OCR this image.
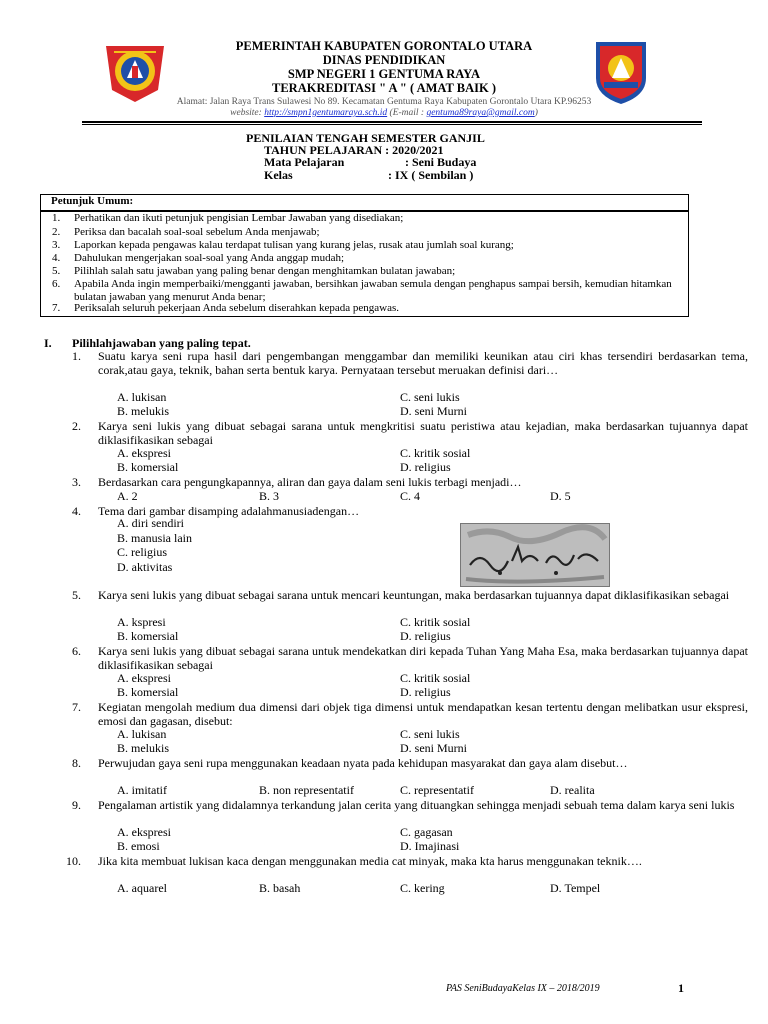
PEMERINTAH KABUPATEN GORONTALO UTARA
DINAS PENDIDIKAN
SMP NEGERI 1 GENTUMA RAYA
TERAKREDITASI " A " ( AMAT BAIK )
Alamat: Jalan Raya Trans Sulawesi No 89. Kecamatan Gentuma Raya Kabupaten Gorontalo Utara KP.96253
website: http://smpn1gentumaraya.sch.id (E-mail : gentuma89raya@gmail.com)
PENILAIAN TENGAH SEMESTER GANJIL
TAHUN PELAJARAN : 2020/2021
Mata Pelajaran	: Seni Budaya
Kelas	: IX ( Sembilan )
Petunjuk Umum:
1. Perhatikan dan ikuti petunjuk pengisian Lembar Jawaban yang disediakan;
2. Periksa dan bacalah soal-soal sebelum Anda menjawab;
3. Laporkan kepada pengawas kalau terdapat tulisan yang kurang jelas, rusak atau jumlah soal kurang;
4. Dahulukan mengerjakan soal-soal yang Anda anggap mudah;
5. Pilihlah salah satu jawaban yang paling benar dengan menghitamkan bulatan jawaban;
6. Apabila Anda ingin memperbaiki/mengganti jawaban, bersihkan jawaban semula dengan penghapus sampai bersih, kemudian hitamkan bulatan jawaban yang menurut Anda benar;
7. Periksalah seluruh pekerjaan Anda sebelum diserahkan kepada pengawas.
I. Pilihlahjawaban yang paling tepat.
1. Suatu karya seni rupa hasil dari pengembangan menggambar dan memiliki keunikan atau ciri khas tersendiri berdasarkan tema, corak,atau gaya, teknik, bahan serta bentuk karya. Pernyataan tersebut meruakan definisi dari…
A. lukisan	C. seni lukis
B. melukis	D. seni Murni
2. Karya seni lukis yang dibuat sebagai sarana untuk mengkritisi suatu peristiwa atau kejadian, maka berdasarkan tujuannya dapat diklasifikasikan sebagai
A. ekspresi	C. kritik sosial
B. komersial	D. religius
3. Berdasarkan cara pengungkapannya, aliran dan gaya dalam seni lukis terbagi menjadi…
A. 2	B. 3	C. 4	D. 5
4. Tema dari gambar disamping adalahmanusiadengan…
A. diri sendiri
B. manusia lain
C. religius
D. aktivitas
5. Karya seni lukis yang dibuat sebagai sarana untuk mencari keuntungan, maka berdasarkan tujuannya dapat diklasifikasikan sebagai
A. kspresi	C. kritik sosial
B. komersial	D. religius
6. Karya seni lukis yang dibuat sebagai sarana untuk mendekatkan diri kepada Tuhan Yang Maha Esa, maka berdasarkan tujuannya dapat diklasifikasikan sebagai
A. ekspresi	C. kritik sosial
B. komersial	D. religius
7. Kegiatan mengolah medium dua dimensi dari objek tiga dimensi untuk mendapatkan kesan tertentu dengan melibatkan usur ekspresi, emosi dan gagasan, disebut:
A. lukisan	C. seni lukis
B. melukis	D. seni Murni
8. Perwujudan gaya seni rupa menggunakan keadaan nyata pada kehidupan masyarakat dan gaya alam disebut…
A. imitatif	B. non representatif	C. representatif	D. realita
9. Pengalaman artistik yang didalamnya terkandung jalan cerita yang dituangkan sehingga menjadi sebuah tema dalam karya seni lukis
A. ekspresi	C. gagasan
B. emosi	D. Imajinasi
10. Jika kita membuat lukisan kaca dengan menggunakan media cat minyak, maka kta harus menggunakan teknik….
A. aquarel	B. basah	C. kering	D. Tempel
PAS SeniBudayaKelas IX – 2018/2019	1
